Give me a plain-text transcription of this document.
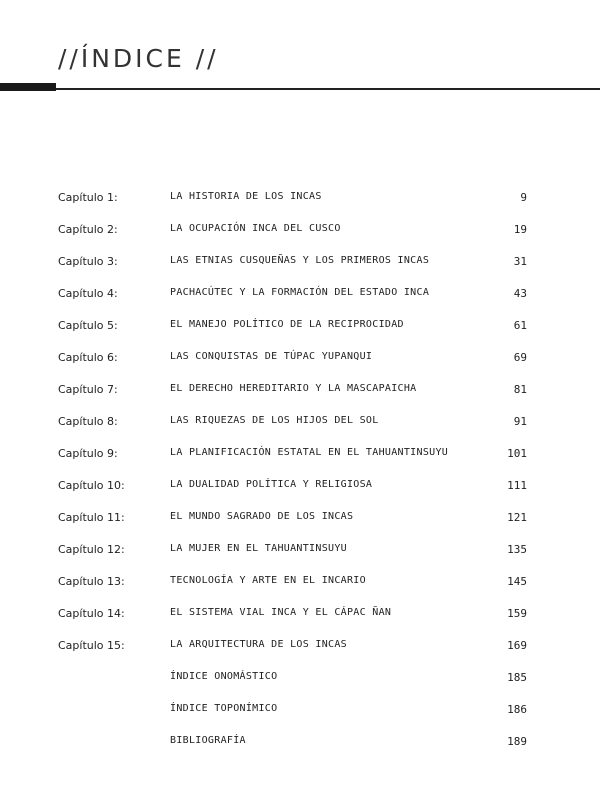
//ÍNDICE //
Capítulo 1:	LA HISTORIA DE LOS INCAS	9
Capítulo 2:	LA OCUPACIÓN INCA DEL CUSCO	19
Capítulo 3:	LAS ETNIAS CUSQUEÑAS Y LOS PRIMEROS INCAS	31
Capítulo 4:	PACHACÚTEC Y LA FORMACIÓN DEL ESTADO INCA	43
Capítulo 5:	EL MANEJO POLÍTICO DE LA RECIPROCIDAD	61
Capítulo 6:	LAS CONQUISTAS DE TÚPAC YUPANQUI	69
Capítulo 7:	EL DERECHO HEREDITARIO Y LA MASCAPAICHA	81
Capítulo 8:	LAS RIQUEZAS DE LOS HIJOS DEL SOL	91
Capítulo 9:	LA PLANIFICACIÓN ESTATAL EN EL TAHUANTINSUYU	101
Capítulo 10:	LA DUALIDAD POLÍTICA Y RELIGIOSA	111
Capítulo 11:	EL MUNDO SAGRADO DE LOS INCAS	121
Capítulo 12:	LA MUJER EN EL TAHUANTINSUYU	135
Capítulo 13:	TECNOLOGÍA Y ARTE EN EL INCARIO	145
Capítulo 14:	EL SISTEMA VIAL INCA Y EL CÁPAC ÑAN	159
Capítulo 15:	LA ARQUITECTURA DE LOS INCAS	169
ÍNDICE ONOMÁSTICO	185
ÍNDICE TOPONÍMICO	186
BIBLIOGRAFÍA	189
